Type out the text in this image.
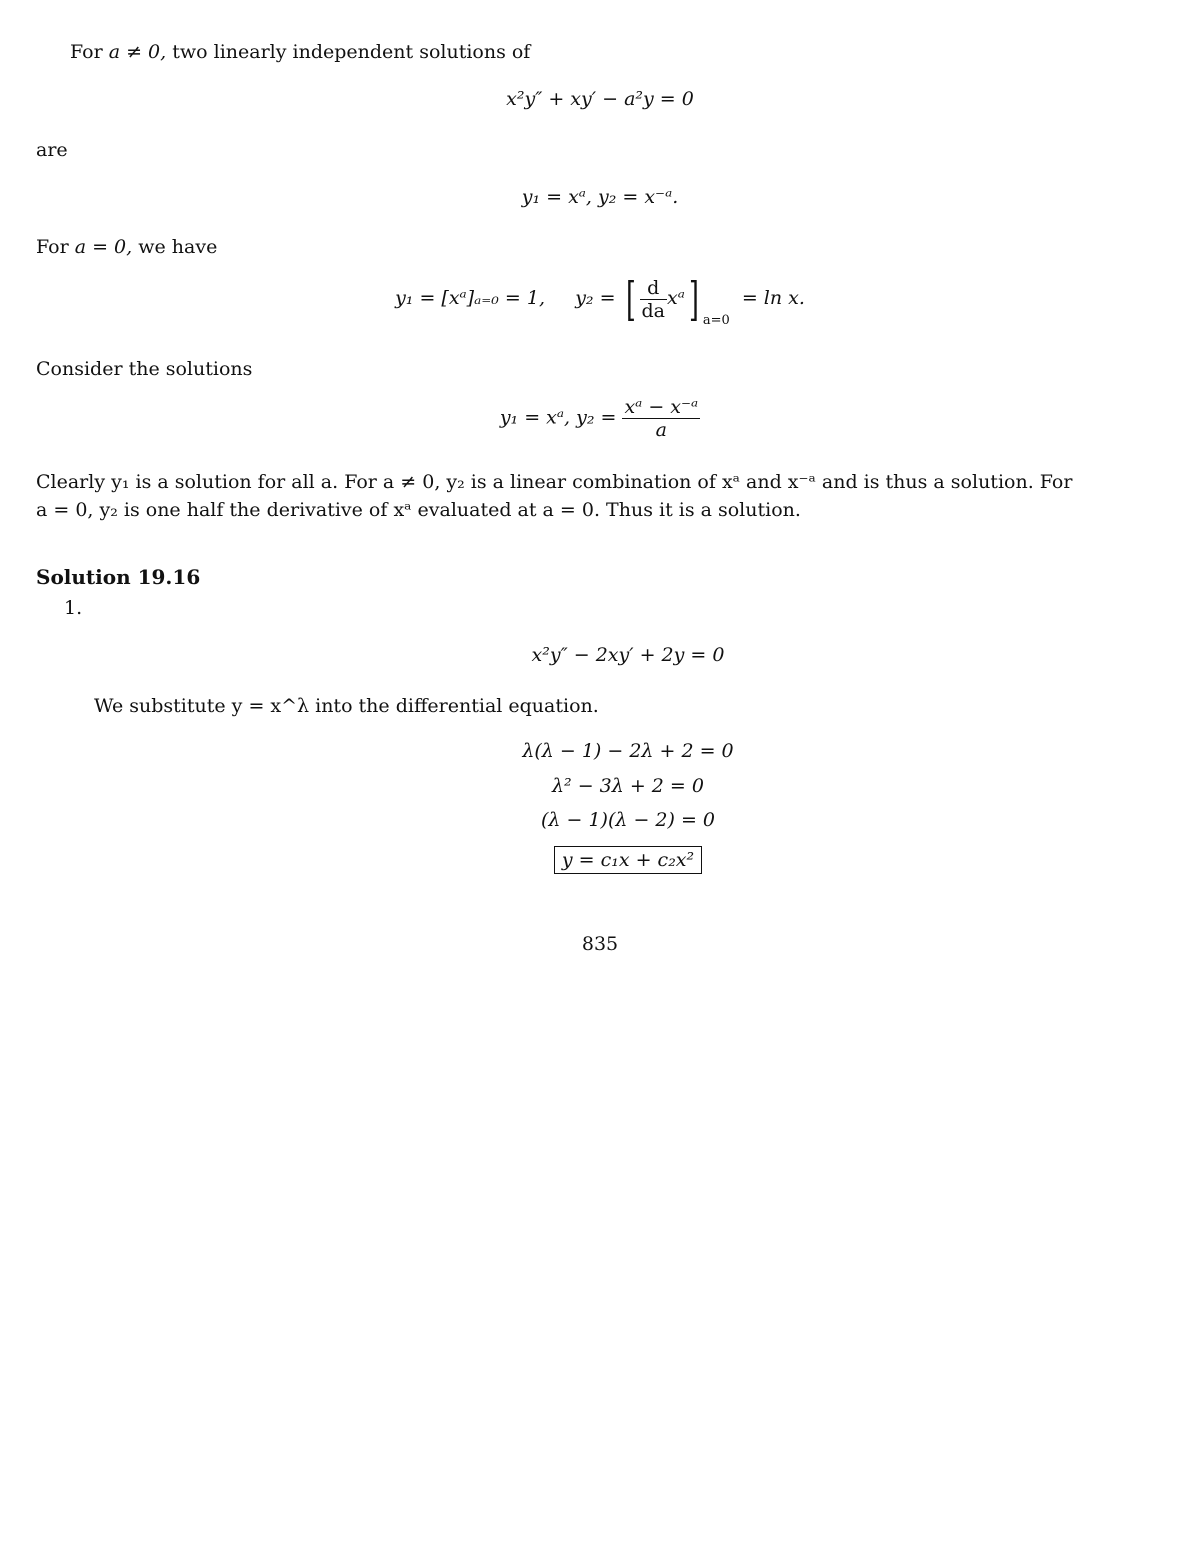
For a ≠ 0, two linearly independent solutions of
x²y″ + xy′ − a²y = 0
are
y₁ = xᵃ, y₂ = x⁻ᵃ.
For a = 0, we have
y₁ = [xᵃ]ₐ₌₀ = 1, y₂ = [ $\frac{d}{da}$ xᵃ] $_{a=0}$  = ln x.
Consider the solutions
y₁ = xᵃ, $y_2 = \frac{\text{xᵃ − x⁻ᵃ}}{a}$
Clearly y₁ is a solution for all a. For a ≠ 0, y₂ is a linear combination of xᵃ and x⁻ᵃ and is thus a solution. For
a = 0, y₂ is one half the derivative of xᵃ evaluated at a = 0. Thus it is a solution.
Solution 19.16
1.
x²y″ − 2xy′ + 2y = 0
We substitute y = x^λ into the differential equation.
λ(λ − 1) − 2λ + 2 = 0
λ² − 3λ + 2 = 0
(λ − 1)(λ − 2) = 0
y = c₁x + c₂x²
835
